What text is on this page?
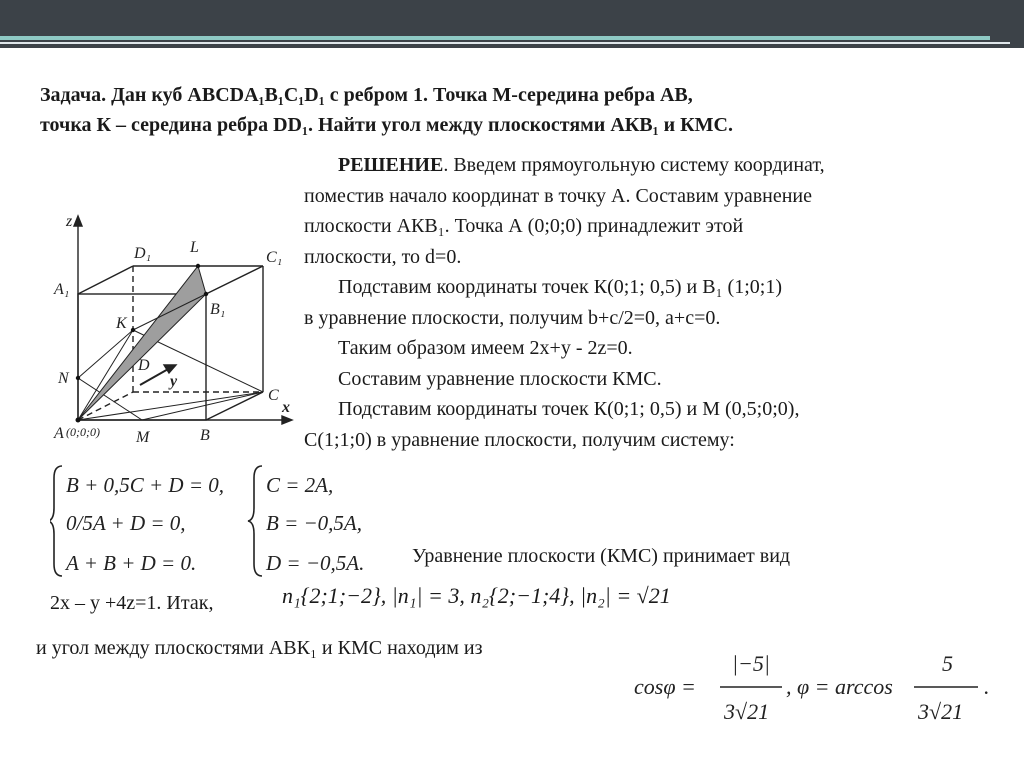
Задача. Дан куб ABCDA₁B₁C₁D₁ с ребром 1. Точка М-середина ребра АВ,
точка К – середина ребра DD₁. Найти угол между плоскостями АКВ₁ и КМС.

РЕШЕНИЕ. Введем прямоугольную систему координат,

поместив начало координат в точку А. Составим уравнение

плоскости АКВ₁. Точка А (0;0;0) принадлежит этой

плоскости, то d=0.

Подставим координаты точек К(0;1; 0,5) и В₁ (1;0;1)

в уравнение плоскости, получим b+c/2=0, a+c=0.

Таким образом имеем 2x+y - 2z=0.

Составим уравнение плоскости КМС.

Подставим координаты точек К(0;1; 0,5) и М (0,5;0;0),

С(1;1;0) в уравнение плоскости, получим систему:

z
y
x
A (0;0;0) M	B
C
D
N
K
A₁
B₁
C₁
D₁ L
B + 0,5C + D = 0,
0/5A + D = 0,
A + B + D = 0.
C = 2A,
B = −0,5A,
D = −0,5A. Уравнение плоскости (КМС) принимает вид
2x – y +4z=1. Итак,	n₁{2;1;−2}, |n₁| = 3, n₂{2;−1;4}, |n₂| = √21
и угол между плоскостями АВК₁ и КМС находим из
cosφ =
|−5|
3√21
, φ = arccos
5
3√21
.
